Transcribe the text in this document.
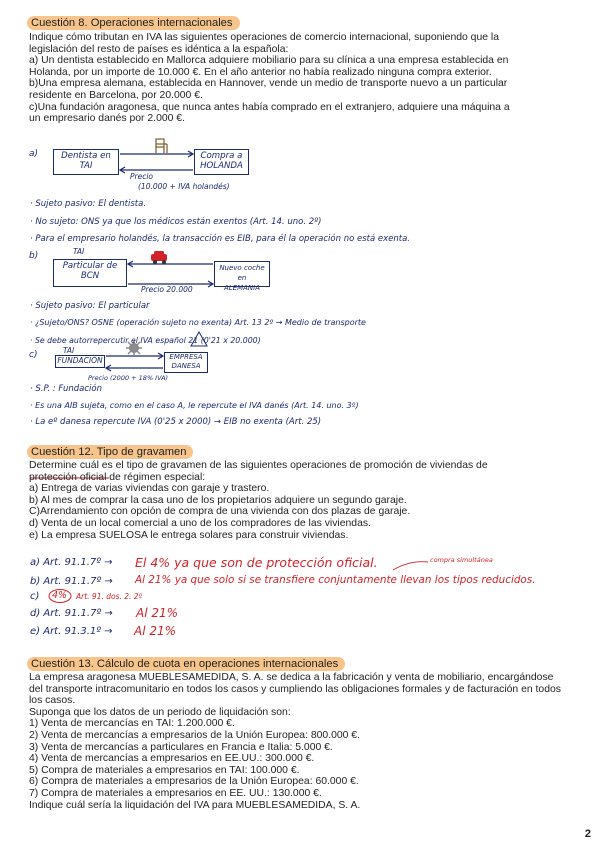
Cuestión 8. Operaciones internacionales
Indique cómo tributan en IVA las siguientes operaciones de comercio internacional, suponiendo que la
legislación del resto de países es idéntica a la española:
a) Un dentista establecido en Mallorca adquiere mobiliario para su clínica a una empresa establecida en
Holanda, por un importe de 10.000 €. En el año anterior no había realizado ninguna compra exterior.
b)Una empresa alemana, establecida en Hannover, vende un medio de transporte nuevo a un particular
residente en Barcelona, por 20.000 €.
c)Una fundación aragonesa, que nunca antes había comprado en el extranjero, adquiere una máquina a
un empresario danés por 2.000 €.
a)	Dentista en
TAI
Compra a
HOLANDA
Precio
(10.000 + IVA holandés)
· Sujeto pasivo: El dentista.
· No sujeto: ONS ya que los médicos están exentos (Art. 14. uno. 2º)
· Para el empresario holandés, la transacción es EIB, para él la operación no está exenta.
b)	TAI
Particular de
BCN
Nuevo coche en
ALEMANIA
Precio 20.000
· Sujeto pasivo: El particular
· ¿Sujeto/ONS? OSNE (operación sujeto no exenta) Art. 13 2º → Medio de transporte
· Se debe autorrepercutir el IVA español 21 (0'21 x 20.000)
c)	TAI
FUNDACIÓN	EMPRESA
DANESA
Precio (2000 + 18% IVA)
· S.P. : Fundación
· Es una AIB sujeta, como en el caso A, le repercute el IVA danés (Art. 14. uno. 3º)
· La eº danesa repercute IVA (0'25 x 2000) → EIB no exenta (Art. 25)
Cuestión 12. Tipo de gravamen
Determine cuál es el tipo de gravamen de las siguientes operaciones de promoción de viviendas de
protección oficial de régimen especial:
a) Entrega de varias viviendas con garaje y trastero.
b) Al mes de comprar la casa uno de los propietarios adquiere un segundo garaje.
C)Arrendamiento con opción de compra de una vivienda con dos plazas de garaje.
d) Venta de un local comercial a uno de los compradores de las viviendas.
e) La empresa SUELOSA le entrega solares para construir viviendas.
a) Art. 91.1.7º → El 4% ya que son de protección oficial.	compra simultánea
b) Art. 91.1.7º → Al 21% ya que solo si se transfiere conjuntamente llevan los tipos reducidos.
c) 4% Art. 91. dos. 2. 2º
d) Art. 91.1.7º → Al 21%
e) Art. 91.3.1º → Al 21%
Cuestión 13. Cálculo de cuota en operaciones internacionales
La empresa aragonesa MUEBLESAMEDIDA, S. A. se dedica a la fabricación y venta de mobiliario, encargándose
del transporte intracomunitario en todos los casos y cumpliendo las obligaciones formales y de facturación en todos
los casos.
Suponga que los datos de un periodo de liquidación son:
1) Venta de mercancías en TAI: 1.200.000 €.
2) Venta de mercancías a empresarios de la Unión Europea: 800.000 €.
3) Venta de mercancías a particulares en Francia e Italia: 5.000 €.
4) Venta de mercancías a empresarios en EE.UU.: 300.000 €.
5) Compra de materiales a empresarios en TAI: 100.000 €.
6) Compra de materiales a empresarios de la Unión Europea: 60.000 €.
7) Compra de materiales a empresarios en EE. UU.: 130.000 €.
Indique cuál sería la liquidación del IVA para MUEBLESAMEDIDA, S. A.
2
